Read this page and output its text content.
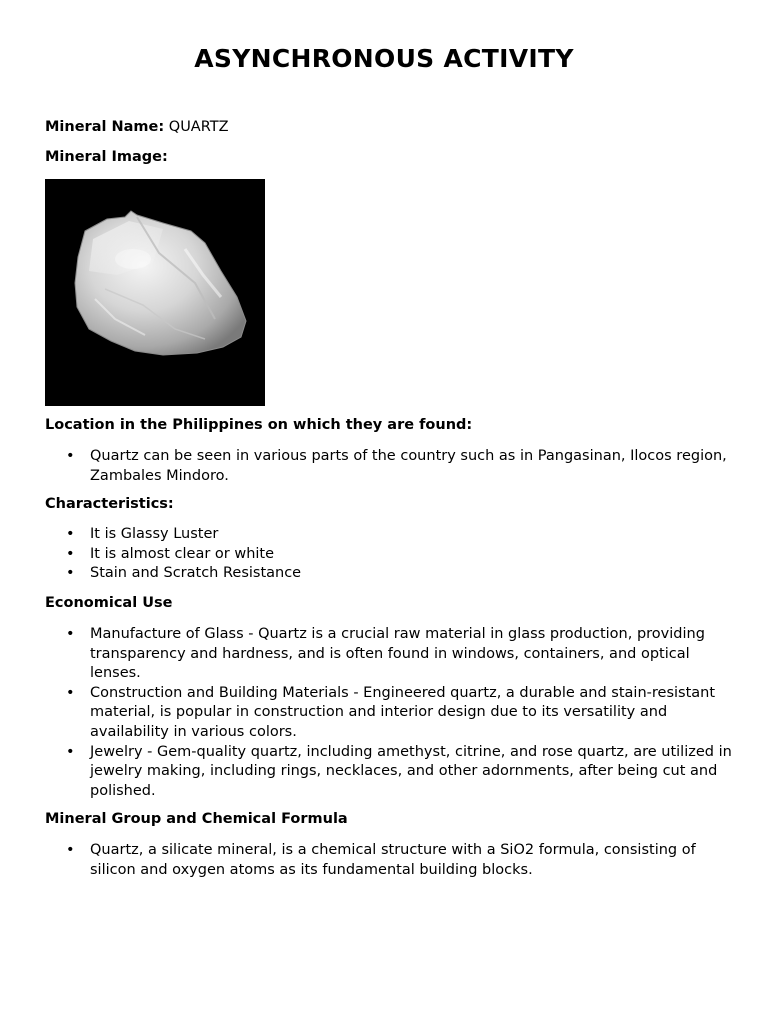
ASYNCHRONOUS ACTIVITY
Mineral Name: QUARTZ
Mineral Image:
Location in the Philippines on which they are found:
• Quartz can be seen in various parts of the country such as in Pangasinan, Ilocos region, Zambales Mindoro.
Characteristics:
• It is Glassy Luster
• It is almost clear or white
• Stain and Scratch Resistance
Economical Use
• Manufacture of Glass - Quartz is a crucial raw material in glass production, providing transparency and hardness, and is often found in windows, containers, and optical lenses.
• Construction and Building Materials - Engineered quartz, a durable and stain-resistant material, is popular in construction and interior design due to its versatility and availability in various colors.
• Jewelry - Gem-quality quartz, including amethyst, citrine, and rose quartz, are utilized in jewelry making, including rings, necklaces, and other adornments, after being cut and polished.
Mineral Group and Chemical Formula
• Quartz, a silicate mineral, is a chemical structure with a SiO2 formula, consisting of silicon and oxygen atoms as its fundamental building blocks.
